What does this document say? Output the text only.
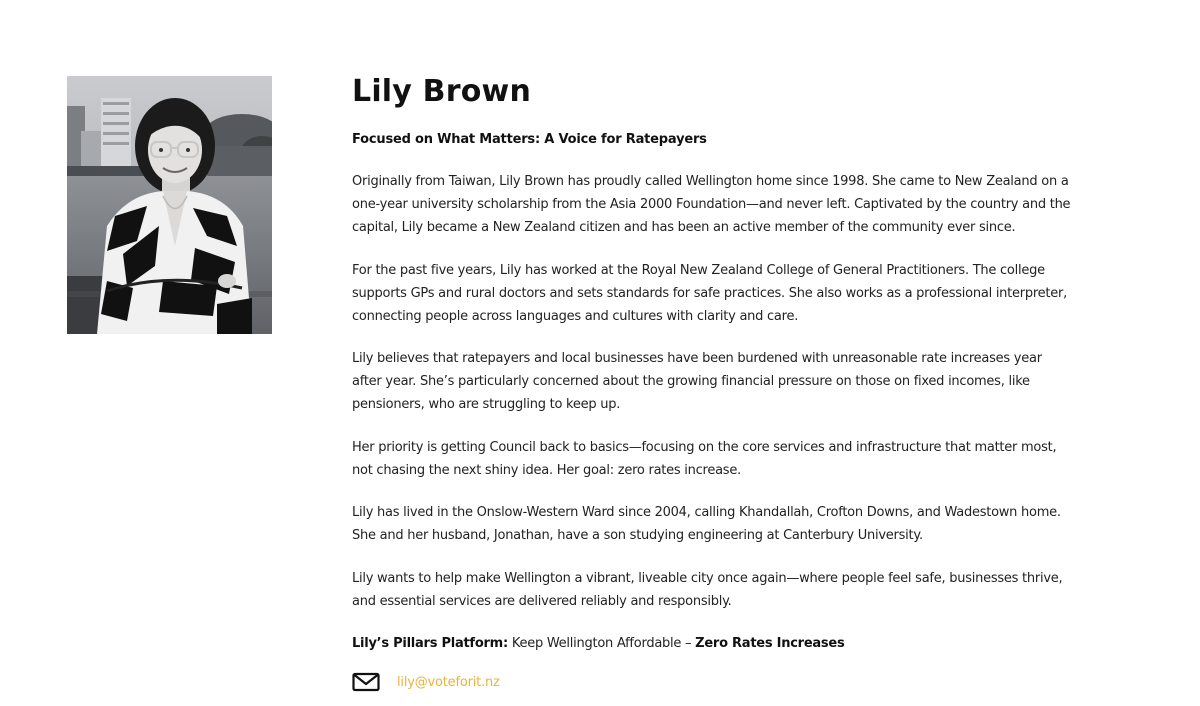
Lily Brown
Focused on What Matters: A Voice for Ratepayers

Originally from Taiwan, Lily Brown has proudly called Wellington home since 1998. She came to New Zealand on a one-year university scholarship from the Asia 2000 Foundation—and never left. Captivated by the country and the capital, Lily became a New Zealand citizen and has been an active member of the community ever since.

For the past five years, Lily has worked at the Royal New Zealand College of General Practitioners. The college supports GPs and rural doctors and sets standards for safe practices. She also works as a professional interpreter, connecting people across languages and cultures with clarity and care.

Lily believes that ratepayers and local businesses have been burdened with unreasonable rate increases year after year. She’s particularly concerned about the growing financial pressure on those on fixed incomes, like pensioners, who are struggling to keep up.

Her priority is getting Council back to basics—focusing on the core services and infrastructure that matter most, not chasing the next shiny idea. Her goal: zero rates increase.

Lily has lived in the Onslow-Western Ward since 2004, calling Khandallah, Crofton Downs, and Wadestown home. She and her husband, Jonathan, have a son studying engineering at Canterbury University.

Lily wants to help make Wellington a vibrant, liveable city once again—where people feel safe, businesses thrive, and essential services are delivered reliably and responsibly.

Lily’s Pillars Platform: Keep Wellington Affordable – Zero Rates Increases
lily@voteforit.nz
